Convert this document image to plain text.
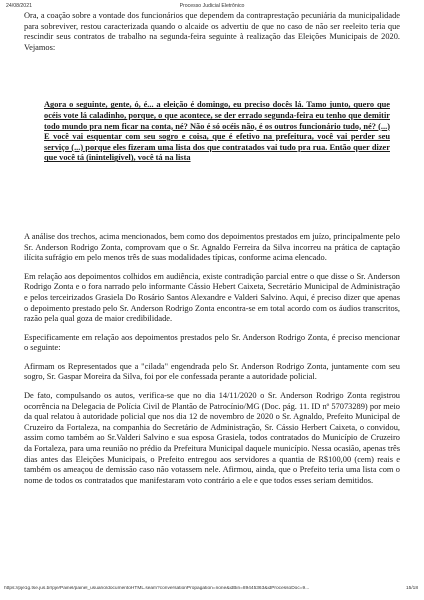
24/08/2021	Processo Judicial Eletrônico

Ora, a coação sobre a vontade dos funcionários que dependem da contraprestação pecuniária da municipalidade para sobreviver, restou caracterizada quando o alcaide os advertiu de que no caso de não ser reeleito teria que rescindir seus contratos de trabalho na segunda-feira seguinte à realização das Eleições Municipais de 2020. Vejamos:

Agora o seguinte, gente, ó, é... a eleição é domingo, eu preciso docês lá. Tamo junto, quero que océis vote lá caladinho, porque, o que acontece, se der errado segunda-feira eu tenho que demitir todo mundo pra nem ficar na conta, né? Não é só océis não, é os outros funcionário tudo, né? (...) E você vai esquentar com seu sogro e coisa, que é efetivo na prefeitura, você vai perder seu serviço (...) porque eles fizeram uma lista dos que contratados vai tudo pra rua. Então quer dizer que você tá (ininteligível), você tá na lista

A análise dos trechos, acima mencionados, bem como dos depoimentos prestados em juízo, principalmente pelo Sr. Anderson Rodrigo Zonta, comprovam que o Sr. Agnaldo Ferreira da Silva incorreu na prática de captação ilícita sufrágio em pelo menos três de suas modalidades típicas, conforme acima elencado.

Em relação aos depoimentos colhidos em audiência, existe contradição parcial entre o que disse o Sr. Anderson Rodrigo Zonta e o fora narrado pelo informante Cássio Hebert Caixeta, Secretário Municipal de Administração e pelos terceirizados Grasiela Do Rosário Santos Alexandre e Valderi Salvino. Aqui, é preciso dizer que apenas o depoimento prestado pelo Sr. Anderson Rodrigo Zonta encontra-se em total acordo com os áudios transcritos, razão pela qual goza de maior credibilidade.

Especificamente em relação aos depoimentos prestados pelo Sr. Anderson Rodrigo Zonta, é preciso mencionar o seguinte:

Afirmam os Representados que a "cilada" engendrada pelo Sr. Anderson Rodrigo Zonta, juntamente com seu sogro, Sr. Gaspar Moreira da Silva, foi por ele confessada perante a autoridade policial.

De fato, compulsando os autos, verifica-se que no dia 14/11/2020 o Sr. Anderson Rodrigo Zonta registrou ocorrência na Delegacia de Polícia Civil de Plantão de Patrocínio/MG (Doc. pág. 11. ID nº 57073289) por meio da qual relatou à autoridade policial que nos dia 12 de novembro de 2020 o Sr. Agnaldo, Prefeito Municipal de Cruzeiro da Fortaleza, na companhia do Secretário de Administração, Sr. Cássio Herbert Caixeta, o convidou, assim como também ao Sr.Valderi Salvino e sua esposa Grasiela, todos contratados do Município de Cruzeiro da Fortaleza, para uma reunião no prédio da Prefeitura Municipal daquele município. Nessa ocasião, apenas três dias antes das Eleições Municipais, o Prefeito entregou aos servidores a quantia de R$100,00 (cem) reais e também os ameaçou de demissão caso não votassem nele. Afirmou, ainda, que o Prefeito teria uma lista com o nome de todos os contratados que manifestaram voto contrário a ele e que todos esses seriam demitidos.

https://pje1g.tse.jus.br/pje/Painel/painel_usuario/documentoHTML.seam?conversationPropagation=none&idBin=89445363&idProcessoDoc=9...	15/18
